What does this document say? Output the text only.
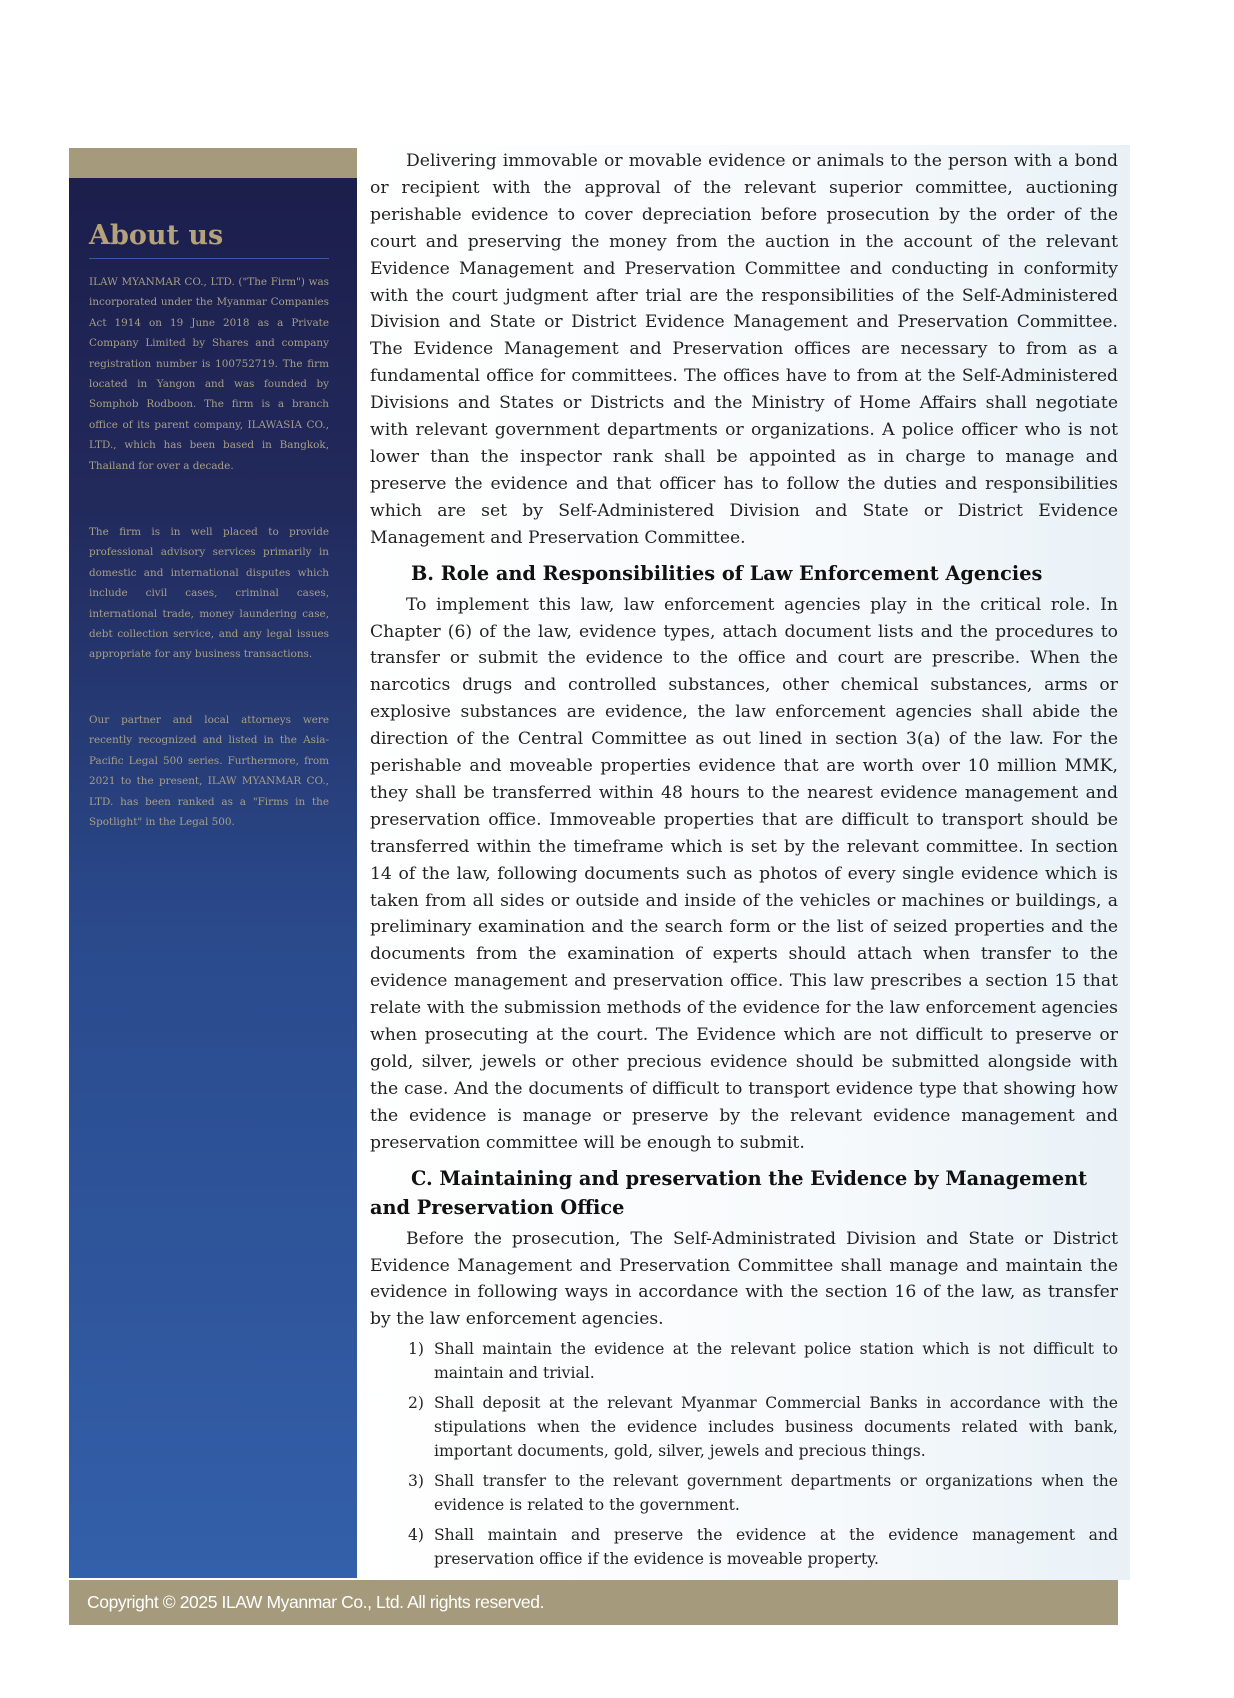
About us

ILAW MYANMAR CO., LTD. ("The Firm") was incorporated under the Myanmar Companies Act 1914 on 19 June 2018 as a Private Company Limited by Shares and company registration number is 100752719. The firm located in Yangon and was founded by Somphob Rodboon. The firm is a branch office of its parent company, ILAWASIA CO., LTD., which has been based in Bangkok, Thailand for over a decade.

The firm is in well placed to provide professional advisory services primarily in domestic and international disputes which include civil cases, criminal cases, international trade, money laundering case, debt collection service, and any legal issues appropriate for any business transactions.

Our partner and local attorneys were recently recognized and listed in the Asia-Pacific Legal 500 series. Furthermore, from 2021 to the present, ILAW MYANMAR CO., LTD. has been ranked as a "Firms in the Spotlight" in the Legal 500.

Delivering immovable or movable evidence or animals to the person with a bond or recipient with the approval of the relevant superior committee, auctioning perishable evidence to cover depreciation before prosecution by the order of the court and preserving the money from the auction in the account of the relevant Evidence Management and Preservation Committee and conducting in conformity with the court judgment after trial are the responsibilities of the Self-Administered Division and State or District Evidence Management and Preservation Committee. The Evidence Management and Preservation offices are necessary to from as a fundamental office for committees. The offices have to from at the Self-Administered Divisions and States or Districts and the Ministry of Home Affairs shall negotiate with relevant government departments or organizations. A police officer who is not lower than the inspector rank shall be appointed as in charge to manage and preserve the evidence and that officer has to follow the duties and responsibilities which are set by Self-Administered Division and State or District Evidence Management and Preservation Committee.

B. Role and Responsibilities of Law Enforcement Agencies

To implement this law, law enforcement agencies play in the critical role. In Chapter (6) of the law, evidence types, attach document lists and the procedures to transfer or submit the evidence to the office and court are prescribe. When the narcotics drugs and controlled substances, other chemical substances, arms or explosive substances are evidence, the law enforcement agencies shall abide the direction of the Central Committee as out lined in section 3(a) of the law. For the perishable and moveable properties evidence that are worth over 10 million MMK, they shall be transferred within 48 hours to the nearest evidence management and preservation office. Immoveable properties that are difficult to transport should be transferred within the timeframe which is set by the relevant committee. In section 14 of the law, following documents such as photos of every single evidence which is taken from all sides or outside and inside of the vehicles or machines or buildings, a preliminary examination and the search form or the list of seized properties and the documents from the examination of experts should attach when transfer to the evidence management and preservation office. This law prescribes a section 15 that relate with the submission methods of the evidence for the law enforcement agencies when prosecuting at the court. The Evidence which are not difficult to preserve or gold, silver, jewels or other precious evidence should be submitted alongside with the case. And the documents of difficult to transport evidence type that showing how the evidence is manage or preserve by the relevant evidence management and preservation committee will be enough to submit.

C. Maintaining and preservation the Evidence by Management and Preservation Office

Before the prosecution, The Self-Administrated Division and State or District Evidence Management and Preservation Committee shall manage and maintain the evidence in following ways in accordance with the section 16 of the law, as transfer by the law enforcement agencies.

1) Shall maintain the evidence at the relevant police station which is not difficult to maintain and trivial.
2) Shall deposit at the relevant Myanmar Commercial Banks in accordance with the stipulations when the evidence includes business documents related with bank, important documents, gold, silver, jewels and precious things.
3) Shall transfer to the relevant government departments or organizations when the evidence is related to the government.
4) Shall maintain and preserve the evidence at the evidence management and preservation office if the evidence is moveable property.
Copyright © 2025 ILAW Myanmar Co., Ltd. All rights reserved.
